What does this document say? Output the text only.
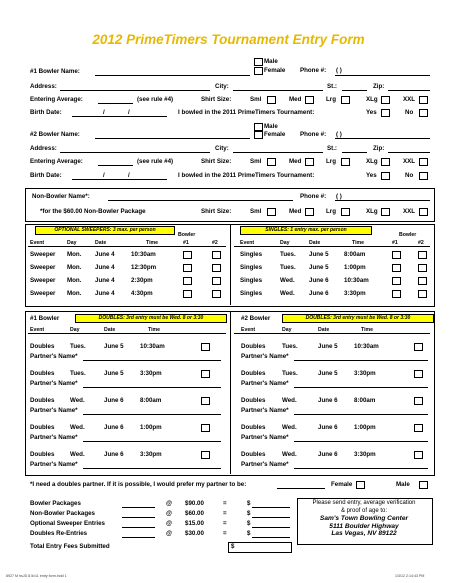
2012 PrimeTimers Tournament Entry Form
#1 Bowler Name:
Male
Female Phone #: ( )
Address:	City:	St.:	Zip:
Entering Average:	(see rule #4)	Shirt Size:	Sml	Med	Lrg	XLg	XXL
Birth Date:	/	/	I bowled in the 2011 PrimeTimers Tournament:	Yes	No
#2 Bowler Name:
Male
Female Phone #: ( )
Address:	City:	St.:	Zip:
Entering Average:	(see rule #4)	Shirt Size:	Sml	Med	Lrg	XLg	XXL
Birth Date:	/	/	I bowled in the 2011 PrimeTimers Tournament:	Yes	No
Non-Bowler Name*:	Phone #: ( )
*for the $60.00 Non-Bowler Package	Shirt Size:	Sml	Med	Lrg	XLg	XXL
OPTIONAL SWEEPERS: 3 max. per person
Bowler
Event	Day	Date	Time	#1	#2
SINGLES: 1 entry max. per person
Bowler
Event	Day	Date	Time	#1	#2
Sweeper Mon. June 4	10:30am
Sweeper Mon. June 4	12:30pm
Sweeper Mon. June 4	2:30pm
Sweeper Mon. June 4	4:30pm
Singles	Tues. June 5 8:00am
Singles	Tues. June 5 1:00pm
Singles	Wed. June 6 10:30am
Singles	Wed. June 6 3:30pm
#1 Bowler	DOUBLES: 3rd entry must be Wed. 8 or 3:30
Event	Day	Date	Time
#2 Bowler	DOUBLES: 3rd entry must be Wed. 8 or 3:30
Event	Day	Date	Time
Doubles	Tues.	June 5	10:30am
Partner's Name*
Doubles	Tues.	June 5	3:30pm
Partner's Name*
Doubles	Wed.	June 6	8:00am
Partner's Name*
Doubles	Wed.	June 6	1:00pm
Partner's Name*
Doubles	Wed.	June 6	3:30pm
Partner's Name*
Doubles	Tues.	June 5	10:30am
Partner's Name*
Doubles	Tues.	June 5	3:30pm
Partner's Name*
Doubles	Wed.	June 6	8:00am
Partner's Name*
Doubles	Wed.	June 6	1:00pm
Partner's Name*
Doubles	Wed.	June 6	3:30pm
Partner's Name*
*I need a doubles partner. If it is possible, I would prefer my partner to be:	Female	Male
Bowler Packages	@ $90.00	=	$
Non-Bowler Packages	@ $60.00	=	$
Optional Sweeper Entries	@ $15.00	=	$
Doubles Re-Entries	@ $30.00	=	$
Total Entry Fees Submitted	$
Please send entry, average verification
& proof of age to:
Sam's Town Bowling Center
5111 Boulder Highway
Las Vegas, NV 89122
8927 M hsJD 8.5x11 entry form.indd 1	1/3/12 2:14:43 PM
